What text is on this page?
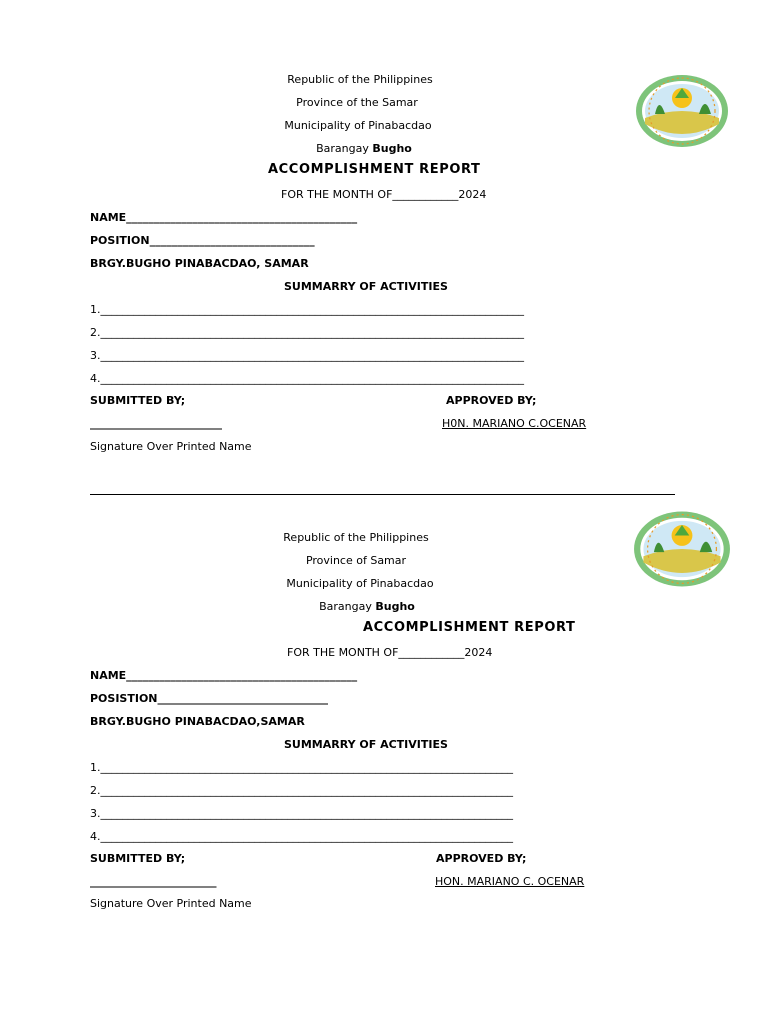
Republic of the Philippines
Province of the Samar
Municipality of Pinabacdao
Barangay Bugho
ACCOMPLISHMENT REPORT
FOR THE MONTH OF____________2024
NAME__________________________________________
POSITION______________________________
BRGY.BUGHO PINABACDAO, SAMAR
SUMMARRY OF ACTIVITIES
1._____________________________________________________________________________
2._____________________________________________________________________________
3._____________________________________________________________________________
4._____________________________________________________________________________
SUBMITTED BY;	APPROVED BY;
________________________	H0N. MARIANO C.OCENAR
Signature Over Printed Name
Republic of the Philippines
Province of Samar
Municipality of Pinabacdao
Barangay Bugho
ACCOMPLISHMENT REPORT
FOR THE MONTH OF____________2024
NAME__________________________________________
POSISTION_______________________________
BRGY.BUGHO PINABACDAO,SAMAR
SUMMARRY OF ACTIVITIES
1.___________________________________________________________________________
2.___________________________________________________________________________
3.___________________________________________________________________________
4.___________________________________________________________________________
SUBMITTED BY;	APPROVED BY;
_______________________	HON. MARIANO C. OCENAR
Signature Over Printed Name
